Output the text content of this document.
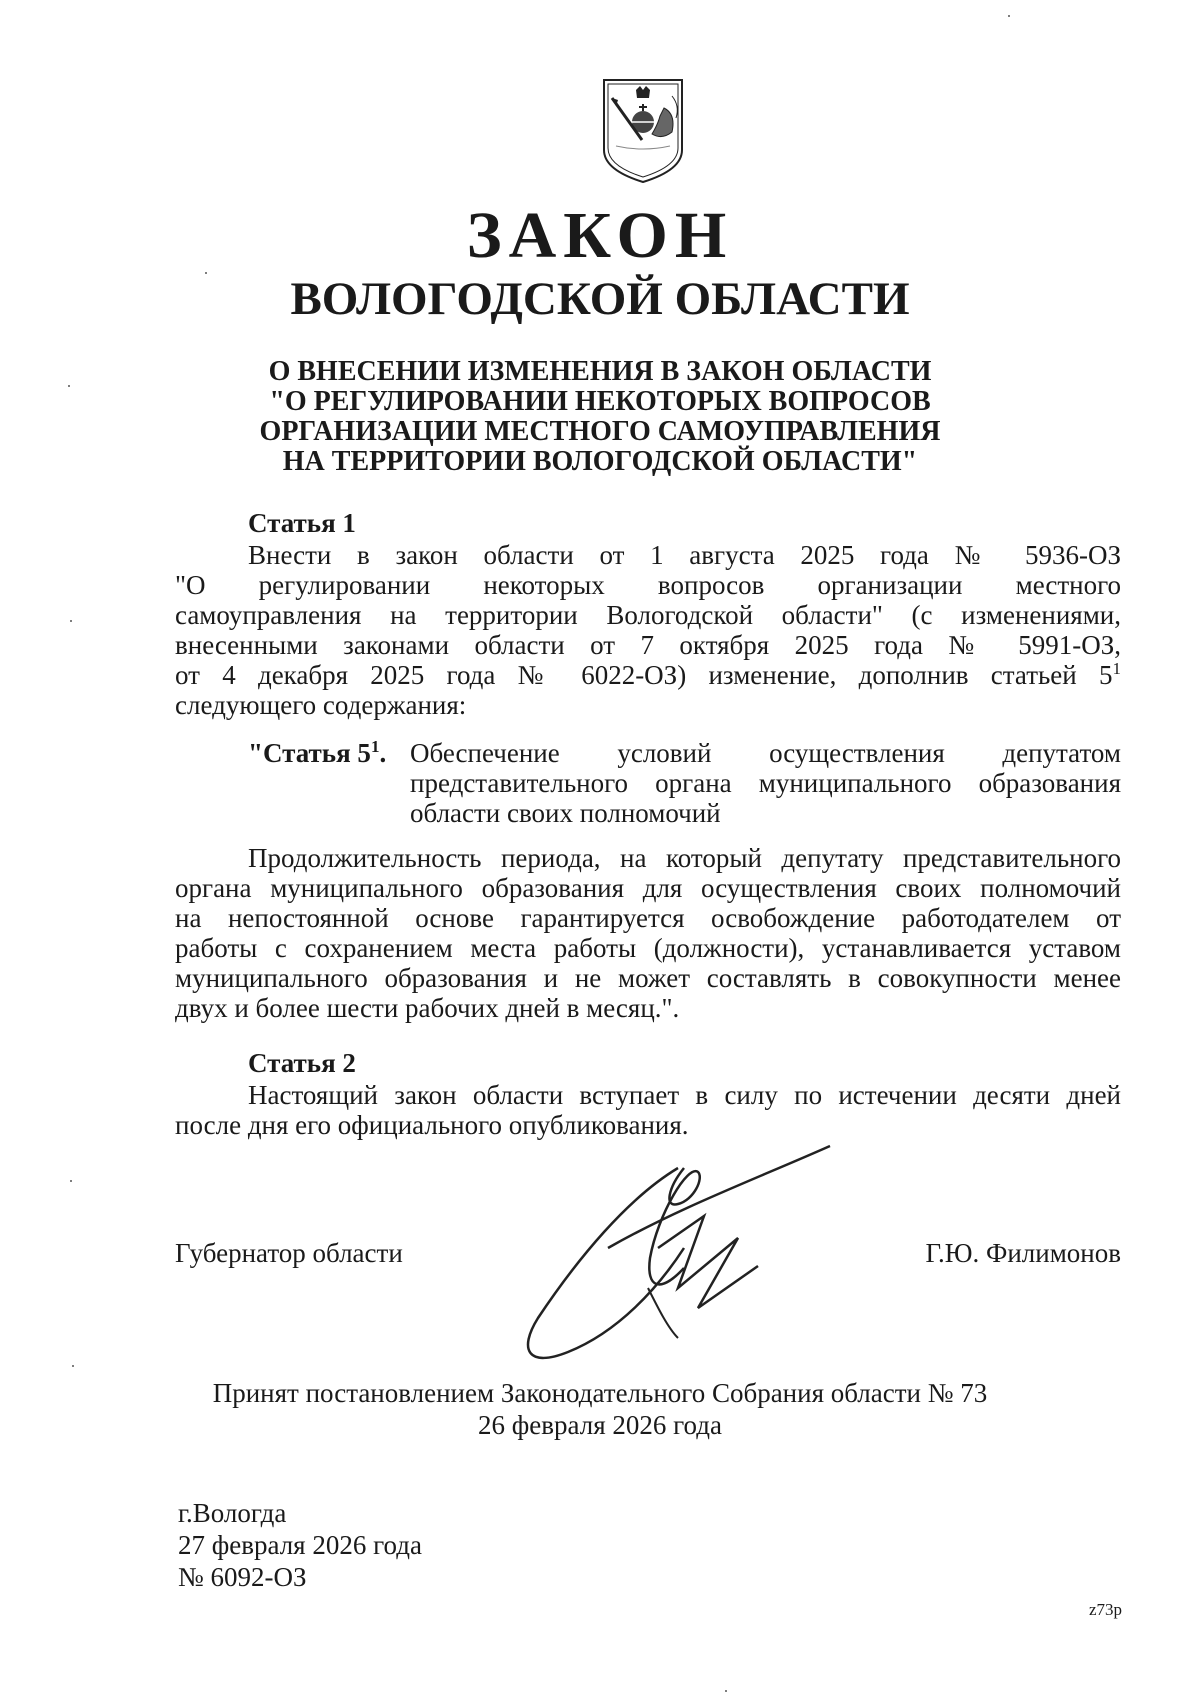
ЗАКОН
ВОЛОГОДСКОЙ ОБЛАСТИ
О ВНЕСЕНИИ ИЗМЕНЕНИЯ В ЗАКОН ОБЛАСТИ
"О РЕГУЛИРОВАНИИ НЕКОТОРЫХ ВОПРОСОВ
ОРГАНИЗАЦИИ МЕСТНОГО САМОУПРАВЛЕНИЯ
НА ТЕРРИТОРИИ ВОЛОГОДСКОЙ ОБЛАСТИ"
Статья 1
Внести в закон области от 1 августа 2025 года № 5936-ОЗ
"О регулировании некоторых вопросов организации местного
самоуправления на территории Вологодской области" (с изменениями,
внесенными законами области от 7 октября 2025 года № 5991-ОЗ,
от 4 декабря 2025 года № 6022-ОЗ) изменение, дополнив статьей $5^1$
следующего содержания:
"Статья $5^1$. Обеспечение условий осуществления депутатом
представительного органа муниципального образования
области своих полномочий
Продолжительность периода, на который депутату представительного
органа муниципального образования для осуществления своих полномочий
на непостоянной основе гарантируется освобождение работодателем от
работы с сохранением места работы (должности), устанавливается уставом
муниципального образования и не может составлять в совокупности менее
двух и более шести рабочих дней в месяц.".
Статья 2
Настоящий закон области вступает в силу по истечении десяти дней
после дня его официального опубликования.
Губернатор области	Г.Ю. Филимонов
Принят постановлением Законодательного Собрания области № 73
26 февраля 2026 года
г.Вологда
27 февраля 2026 года
№ 6092-ОЗ
z73p
